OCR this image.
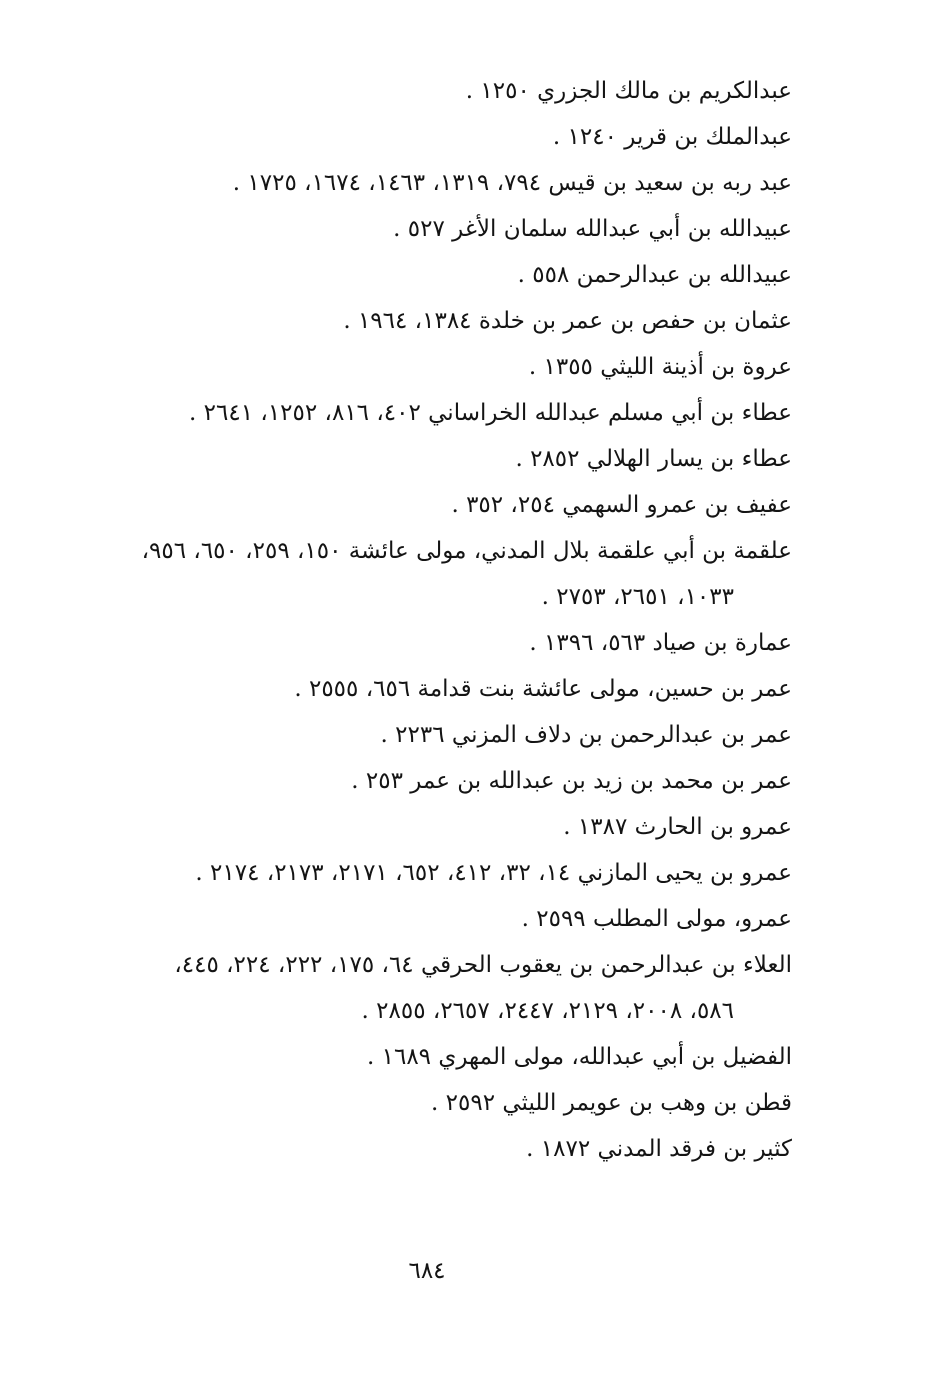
عبدالكريم بن مالك الجزري ١٢٥٠ .

عبدالملك بن قرير ١٢٤٠ .

عبد ربه بن سعيد بن قيس ٧٩٤، ١٣١٩، ١٤٦٣، ١٦٧٤، ١٧٢٥ .

عبيدالله بن أبي عبدالله سلمان الأغر ٥٢٧ .

عبيدالله بن عبدالرحمن ٥٥٨ .

عثمان بن حفص بن عمر بن خلدة ١٣٨٤، ١٩٦٤ .

عروة بن أذينة الليثي ١٣٥٥ .

عطاء بن أبي مسلم عبدالله الخراساني ٤٠٢، ٨١٦، ١٢٥٢، ٢٦٤١ .

عطاء بن يسار الهلالي ٢٨٥٢ .

عفيف بن عمرو السهمي ٢٥٤، ٣٥٢ .

علقمة بن أبي علقمة بلال المدني، مولى عائشة ١٥٠، ٢٥٩، ٦٥٠، ٩٥٦،
١٠٣٣، ٢٦٥١، ٢٧٥٣ .

عمارة بن صياد ٥٦٣، ١٣٩٦ .

عمر بن حسين، مولى عائشة بنت قدامة ٦٥٦، ٢٥٥٥ .

عمر بن عبدالرحمن بن دلاف المزني ٢٢٣٦ .

عمر بن محمد بن زيد بن عبدالله بن عمر ٢٥٣ .

عمرو بن الحارث ١٣٨٧ .

عمرو بن يحيى المازني ١٤، ٣٢، ٤١٢، ٦٥٢، ٢١٧١، ٢١٧٣، ٢١٧٤ .

عمرو، مولى المطلب ٢٥٩٩ .

العلاء بن عبدالرحمن بن يعقوب الحرقي ٦٤، ١٧٥، ٢٢٢، ٢٢٤، ٤٤٥،
٥٨٦، ٢٠٠٨، ٢١٢٩، ٢٤٤٧، ٢٦٥٧، ٢٨٥٥ .

الفضيل بن أبي عبدالله، مولى المهري ١٦٨٩ .

قطن بن وهب بن عويمر الليثي ٢٥٩٢ .

كثير بن فرقد المدني ١٨٧٢ .

٦٨٤
